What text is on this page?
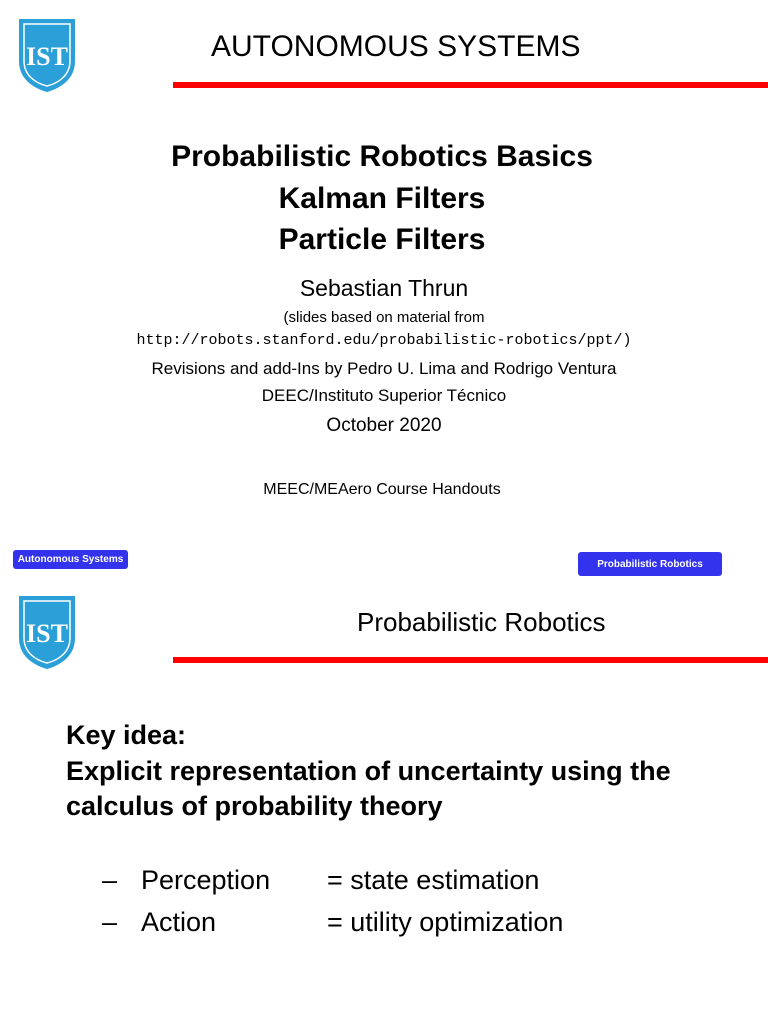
IST	AUTONOMOUS SYSTEMS
Probabilistic Robotics Basics
Kalman Filters
Particle Filters
Sebastian Thrun
(slides based on material from
http://robots.stanford.edu/probabilistic-robotics/ppt/)
Revisions and add-Ins by Pedro U. Lima and Rodrigo Ventura
DEEC/Instituto Superior Técnico
October 2020
MEEC/MEAero Course Handouts
Autonomous Systems	Probabilistic Robotics
IST	Probabilistic Robotics
Key idea:
Explicit representation of uncertainty using the
calculus of probability theory
– Perception = state estimation
– Action	= utility optimization
